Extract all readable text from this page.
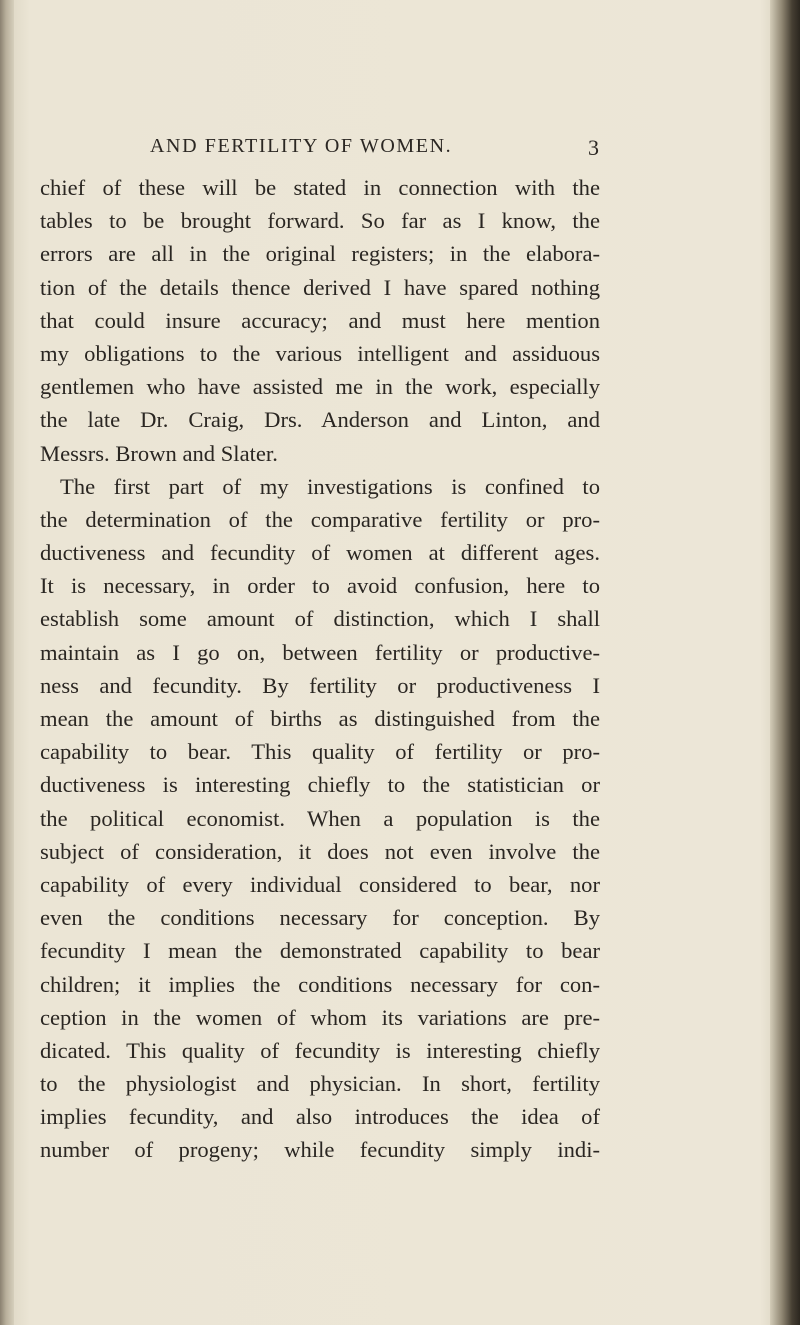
AND FERTILITY OF WOMEN.	3
chief of these will be stated in connection with the
tables to be brought forward. So far as I know, the
errors are all in the original registers; in the elabora-
tion of the details thence derived I have spared nothing
that could insure accuracy; and must here mention
my obligations to the various intelligent and assiduous
gentlemen who have assisted me in the work, especially
the late Dr. Craig, Drs. Anderson and Linton, and
Messrs. Brown and Slater.
The first part of my investigations is confined to
the determination of the comparative fertility or pro-
ductiveness and fecundity of women at different ages.
It is necessary, in order to avoid confusion, here to
establish some amount of distinction, which I shall
maintain as I go on, between fertility or productive-
ness and fecundity. By fertility or productiveness I
mean the amount of births as distinguished from the
capability to bear. This quality of fertility or pro-
ductiveness is interesting chiefly to the statistician or
the political economist. When a population is the
subject of consideration, it does not even involve the
capability of every individual considered to bear, nor
even the conditions necessary for conception. By
fecundity I mean the demonstrated capability to bear
children; it implies the conditions necessary for con-
ception in the women of whom its variations are pre-
dicated. This quality of fecundity is interesting chiefly
to the physiologist and physician. In short, fertility
implies fecundity, and also introduces the idea of
number of progeny; while fecundity simply indi-
